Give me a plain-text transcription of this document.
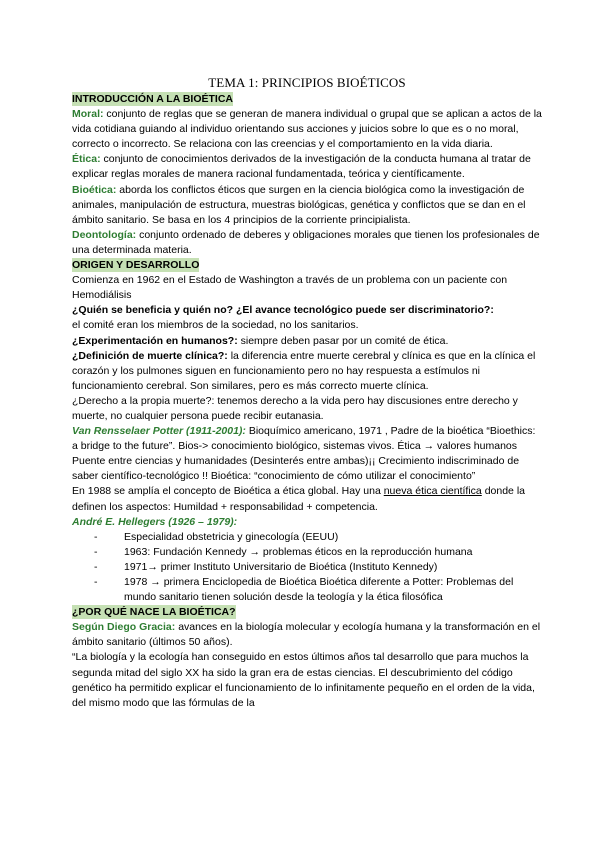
TEMA 1: PRINCIPIOS BIOÉTICOS
INTRODUCCIÓN A LA BIOÉTICA

Moral: conjunto de reglas que se generan de manera individual o grupal que se aplican a actos de la vida cotidiana guiando al individuo orientando sus acciones y juicios sobre lo que es o no moral, correcto o incorrecto. Se relaciona con las creencias y el comportamiento en la vida diaria.

Ética: conjunto de conocimientos derivados de la investigación de la conducta humana al tratar de explicar reglas morales de manera racional fundamentada, teórica y científicamente.

Bioética: aborda los conflictos éticos que surgen en la ciencia biológica como la investigación de animales, manipulación de estructura, muestras biológicas, genética y conflictos que se dan en el ámbito sanitario. Se basa en los 4 principios de la corriente principialista.

Deontología: conjunto ordenado de deberes y obligaciones morales que tienen los profesionales de una determinada materia.

ORIGEN Y DESARROLLO

Comienza en 1962 en el Estado de Washington a través de un problema con un paciente con Hemodiálisis

¿Quién se beneficia y quién no? ¿El avance tecnológico puede ser discriminatorio?:

el comité eran los miembros de la sociedad, no los sanitarios.

¿Experimentación en humanos?: siempre deben pasar por un comité de ética.

¿Definición de muerte clínica?: la diferencia entre muerte cerebral y clínica es que en la clínica el corazón y los pulmones siguen en funcionamiento pero no hay respuesta a estímulos ni funcionamiento cerebral. Son similares, pero es más correcto muerte clínica.

¿Derecho a la propia muerte?: tenemos derecho a la vida pero hay discusiones entre derecho y muerte, no cualquier persona puede recibir eutanasia.

Van Rensselaer Potter (1911-2001): Bioquímico americano, 1971 , Padre de la bioética “Bioethics: a bridge to the future”. Bios-> conocimiento biológico, sistemas vivos. Ética → valores humanos

Puente entre ciencias y humanidades (Desinterés entre ambas)¡¡ Crecimiento indiscriminado de saber científico-tecnológico !! Bioética: “conocimiento de cómo utilizar el conocimiento”

En 1988 se amplía el concepto de Bioética a ética global. Hay una nueva ética científica donde la definen los aspectos: Humildad + responsabilidad + competencia.

André E. Hellegers (1926 – 1979):

- Especialidad obstetricia y ginecología (EEUU)
- 1963: Fundación Kennedy → problemas éticos en la reproducción humana
- 1971→ primer Instituto Universitario de Bioética (Instituto Kennedy)
- 1978 → primera Enciclopedia de Bioética Bioética diferente a Potter: Problemas del mundo sanitario tienen solución desde la teología y la ética filosófica
¿POR QUÉ NACE LA BIOÉTICA?

Según Diego Gracia: avances en la biología molecular y ecología humana y la transformación en el ámbito sanitario (últimos 50 años).

“La biología y la ecología han conseguido en estos últimos años tal desarrollo que para muchos la segunda mitad del siglo XX ha sido la gran era de estas ciencias. El descubrimiento del código genético ha permitido explicar el funcionamiento de lo infinitamente pequeño en el orden de la vida, del mismo modo que las fórmulas de la
